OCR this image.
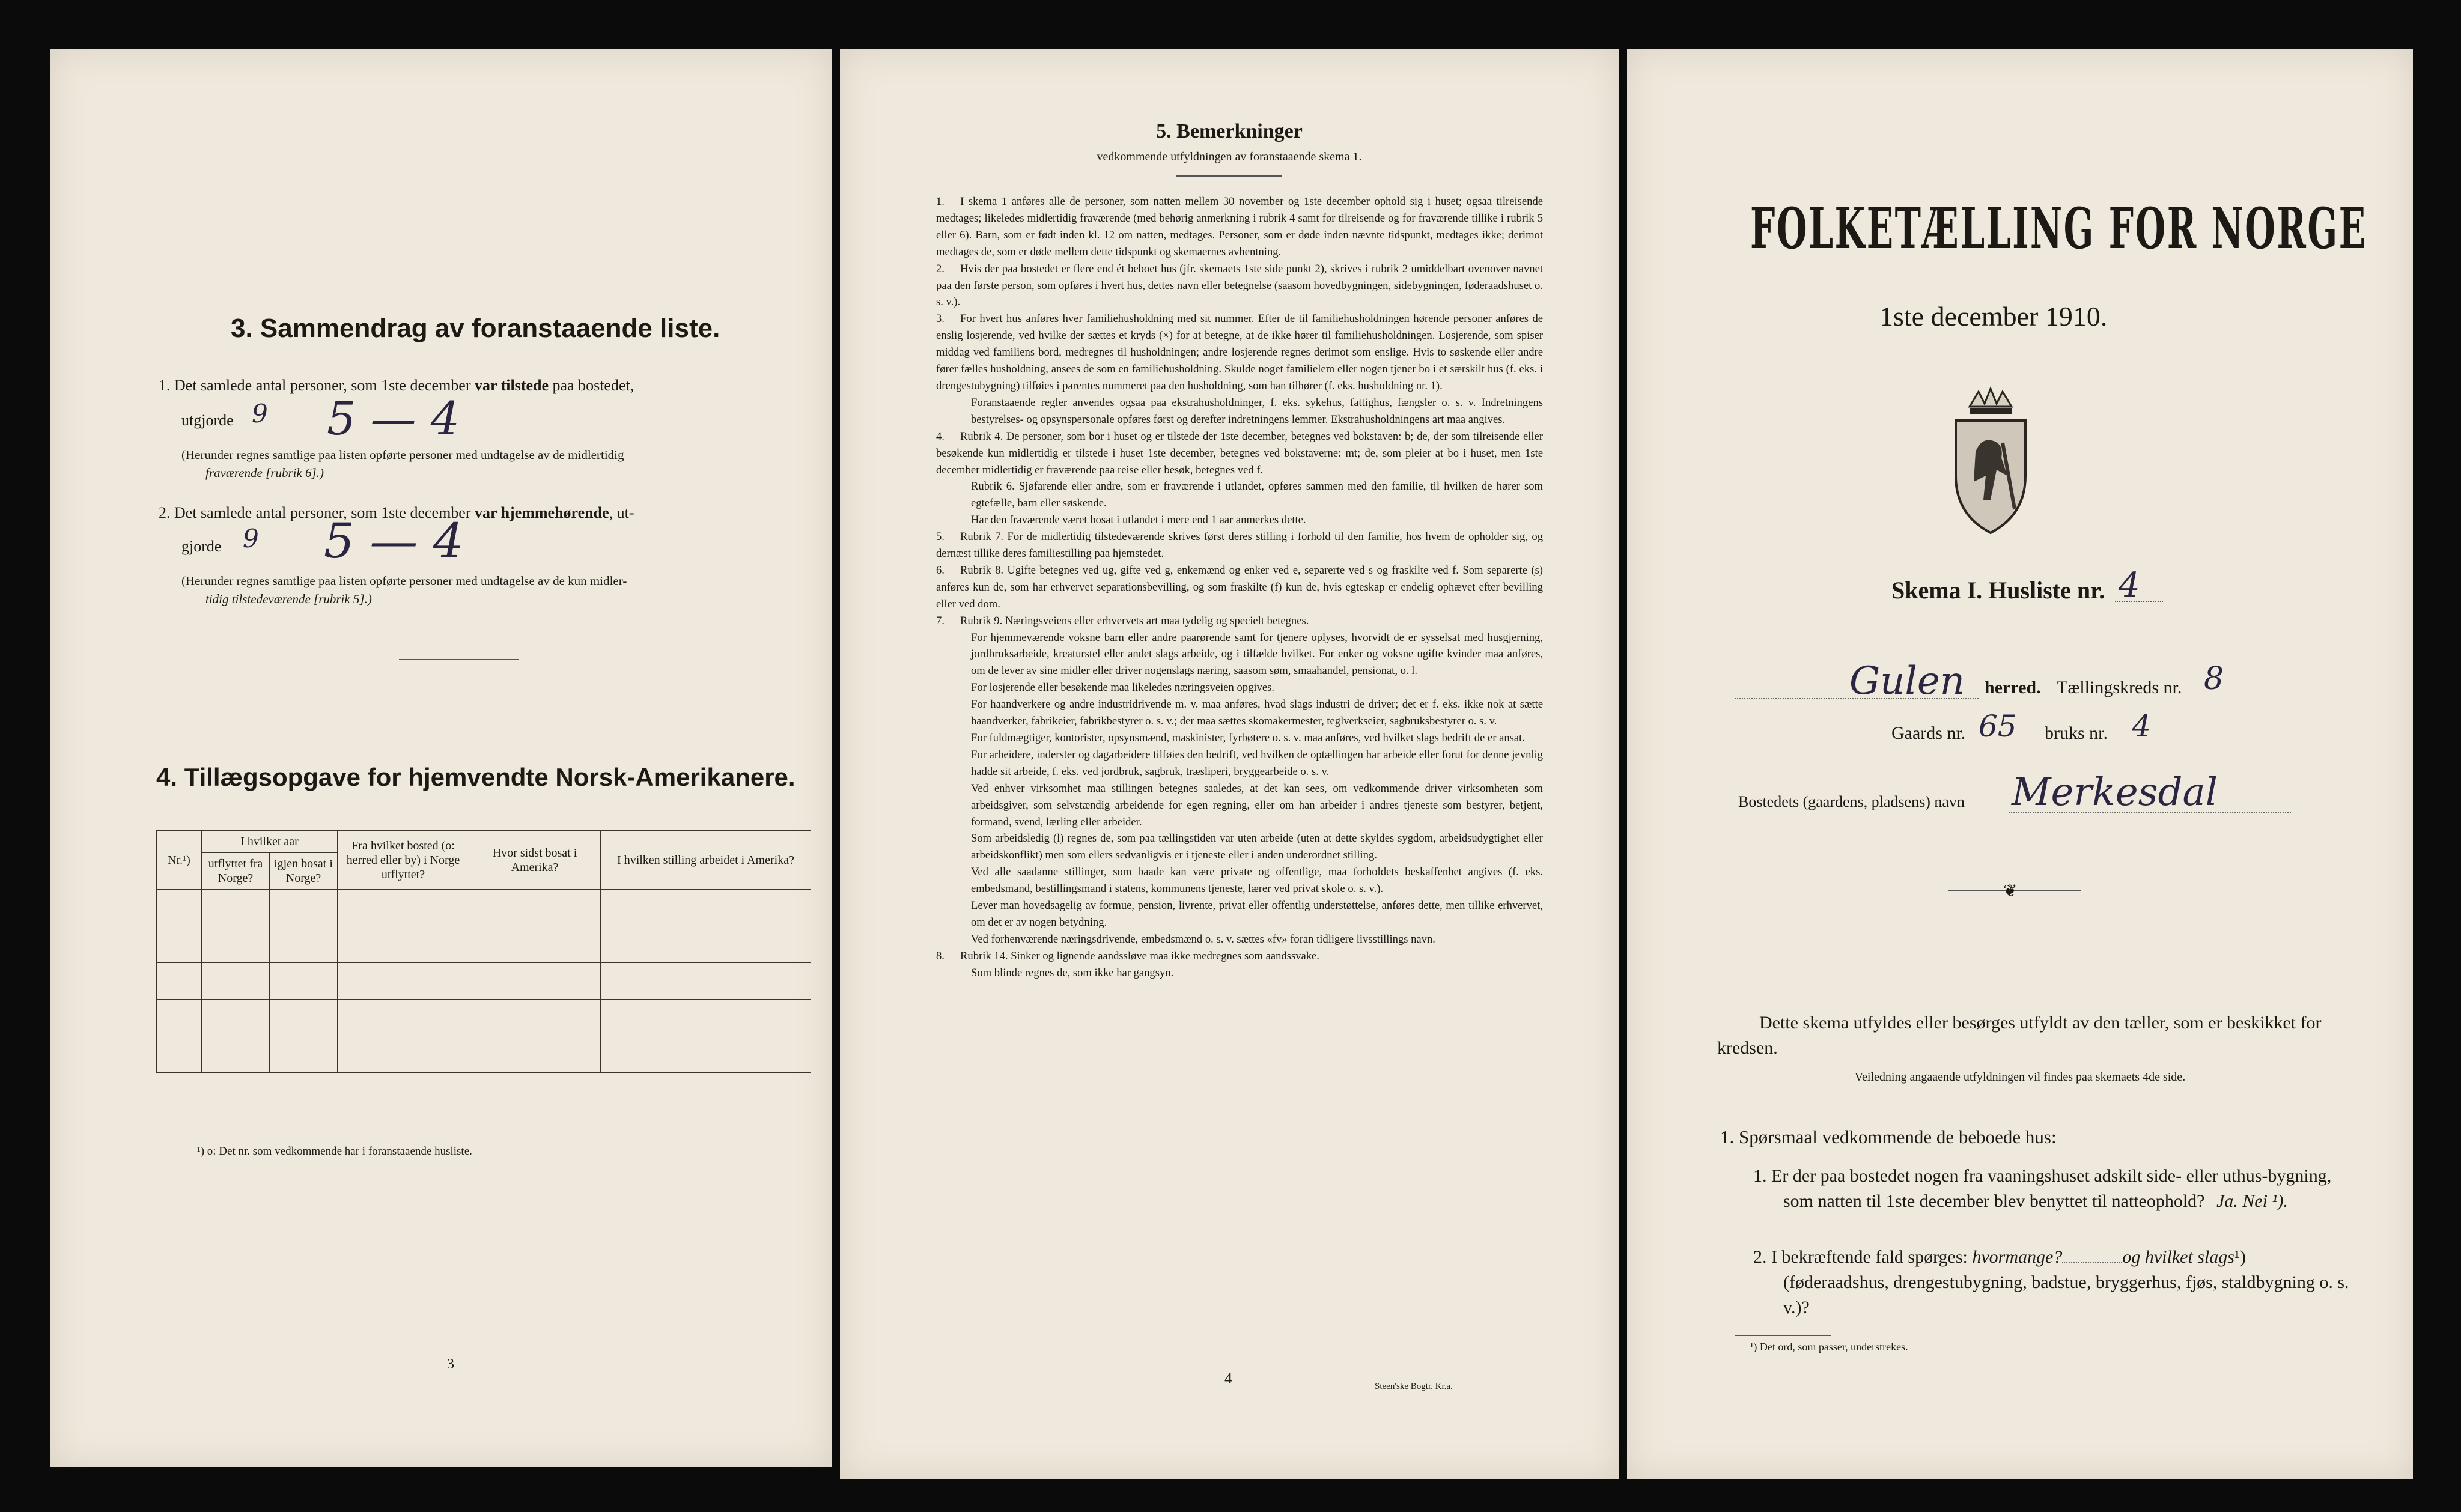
3. Sammendrag av foranstaaende liste.
1. Det samlede antal personer, som 1ste december var tilstede paa bostedet,
utgjorde 9 5 — 4
(Herunder regnes samtlige paa listen opførte personer med undtagelse av de midlertidig
fraværende [rubrik 6].)
2. Det samlede antal personer, som 1ste december var hjemmehørende, ut-
gjorde 9 5 — 4
(Herunder regnes samtlige paa listen opførte personer med undtagelse av de kun midler-
tidig tilstedeværende [rubrik 5].)
4. Tillægsopgave for hjemvendte Norsk-Amerikanere.
Nr.¹)	I hvilket aar		Fra hvilket bosted (o: herred eller by) i Norge utflyttet?	Hvor sidst bosat i Amerika?	I hvilken stilling arbeidet i Amerika?
	utflyttet fra Norge?	igjen bosat i Norge?			

¹) o: Det nr. som vedkommende har i foranstaaende husliste.
3
5. Bemerkninger
vedkommende utfyldningen av foranstaaende skema 1.

1. I skema 1 anføres alle de personer, som natten mellem 30 november og 1ste december ophold sig i huset; ogsaa tilreisende medtages; likeledes midlertidig fraværende (med behørig anmerkning i rubrik 4 samt for tilreisende og for fraværende tillike i rubrik 5 eller 6). Barn, som er født inden kl. 12 om natten, medtages. Personer, som er døde inden nævnte tidspunkt, medtages ikke; derimot medtages de, som er døde mellem dette tidspunkt og skemaernes avhentning.

2. Hvis der paa bostedet er flere end ét beboet hus (jfr. skemaets 1ste side punkt 2), skrives i rubrik 2 umiddelbart ovenover navnet paa den første person, som opføres i hvert hus, dettes navn eller betegnelse (saasom hovedbygningen, sidebygningen, føderaadshuset o. s. v.).

3. For hvert hus anføres hver familiehusholdning med sit nummer. Efter de til familiehusholdningen hørende personer anføres de enslig losjerende, ved hvilke der sættes et kryds (×) for at betegne, at de ikke hører til familiehusholdningen. Losjerende, som spiser middag ved familiens bord, medregnes til husholdningen; andre losjerende regnes derimot som enslige. Hvis to søskende eller andre fører fælles husholdning, ansees de som en familiehusholdning. Skulde noget familielem eller nogen tjener bo i et særskilt hus (f. eks. i drengestubygning) tilføies i parentes nummeret paa den husholdning, som han tilhører (f. eks. husholdning nr. 1).

Foranstaaende regler anvendes ogsaa paa ekstrahusholdninger, f. eks. sykehus, fattighus, fængsler o. s. v. Indretningens bestyrelses- og opsynspersonale opføres først og derefter indretningens lemmer. Ekstrahusholdningens art maa angives.

4. Rubrik 4. De personer, som bor i huset og er tilstede der 1ste december, betegnes ved bokstaven: b; de, der som tilreisende eller besøkende kun midlertidig er tilstede i huset 1ste december, betegnes ved bokstaverne: mt; de, som pleier at bo i huset, men 1ste december midlertidig er fraværende paa reise eller besøk, betegnes ved f.

Rubrik 6. Sjøfarende eller andre, som er fraværende i utlandet, opføres sammen med den familie, til hvilken de hører som egtefælle, barn eller søskende.

Har den fraværende været bosat i utlandet i mere end 1 aar anmerkes dette.

5. Rubrik 7. For de midlertidig tilstedeværende skrives først deres stilling i forhold til den familie, hos hvem de opholder sig, og dernæst tillike deres familiestilling paa hjemstedet.

6. Rubrik 8. Ugifte betegnes ved ug, gifte ved g, enkemænd og enker ved e, separerte ved s og fraskilte ved f. Som separerte (s) anføres kun de, som har erhvervet separationsbevilling, og som fraskilte (f) kun de, hvis egteskap er endelig ophævet efter bevilling eller ved dom.

7. Rubrik 9. Næringsveiens eller erhvervets art maa tydelig og specielt betegnes.

For hjemmeværende voksne barn eller andre paarørende samt for tjenere oplyses, hvorvidt de er sysselsat med husgjerning, jordbruksarbeide, kreaturstel eller andet slags arbeide, og i tilfælde hvilket. For enker og voksne ugifte kvinder maa anføres, om de lever av sine midler eller driver nogenslags næring, saasom søm, smaahandel, pensionat, o. l.

For losjerende eller besøkende maa likeledes næringsveien opgives.

For haandverkere og andre industridrivende m. v. maa anføres, hvad slags industri de driver; det er f. eks. ikke nok at sætte haandverker, fabrikeier, fabrikbestyrer o. s. v.; der maa sættes skomakermester, teglverkseier, sagbruksbestyrer o. s. v.

For fuldmægtiger, kontorister, opsynsmænd, maskinister, fyrbøtere o. s. v. maa anføres, ved hvilket slags bedrift de er ansat.

For arbeidere, inderster og dagarbeidere tilføies den bedrift, ved hvilken de optællingen har arbeide eller forut for denne jevnlig hadde sit arbeide, f. eks. ved jordbruk, sagbruk, træsliperi, bryggearbeide o. s. v.

Ved enhver virksomhet maa stillingen betegnes saaledes, at det kan sees, om vedkommende driver virksomheten som arbeidsgiver, som selvstændig arbeidende for egen regning, eller om han arbeider i andres tjeneste som bestyrer, betjent, formand, svend, lærling eller arbeider.

Som arbeidsledig (l) regnes de, som paa tællingstiden var uten arbeide (uten at dette skyldes sygdom, arbeidsudygtighet eller arbeidskonflikt) men som ellers sedvanligvis er i tjeneste eller i anden underordnet stilling.

Ved alle saadanne stillinger, som baade kan være private og offentlige, maa forholdets beskaffenhet angives (f. eks. embedsmand, bestillingsmand i statens, kommunens tjeneste, lærer ved privat skole o. s. v.).

Lever man hovedsagelig av formue, pension, livrente, privat eller offentlig understøttelse, anføres dette, men tillike erhvervet, om det er av nogen betydning.

Ved forhenværende næringsdrivende, embedsmænd o. s. v. sættes «fv» foran tidligere livsstillings navn.

8. Rubrik 14. Sinker og lignende aandssløve maa ikke medregnes som aandssvake.

Som blinde regnes de, som ikke har gangsyn.

4	Steen'ske Bogtr. Kr.a.
FOLKETÆLLING FOR NORGE
1ste december 1910.
Skema I. Husliste nr. 4
Gulen herred. Tællingskreds nr. 8
Gaards nr. 65 bruks nr. 4
Bostedets (gaardens, pladsens) navn Merkesdal
❦
Dette skema utfyldes eller besørges utfyldt av den tæller, som er beskikket for kredsen.
Veiledning angaaende utfyldningen vil findes paa skemaets 4de side.
1. Spørsmaal vedkommende de beboede hus:
1. Er der paa bostedet nogen fra vaaningshuset adskilt side- eller uthus-bygning, som natten til 1ste december blev benyttet til natteophold? Ja. Nei ¹).
2. I bekræftende fald spørges: hvormange?	og hvilket slags¹) (føderaadshus, drengestubygning, badstue, bryggerhus, fjøs, staldbygning o. s. v.)?
¹) Det ord, som passer, understrekes.
